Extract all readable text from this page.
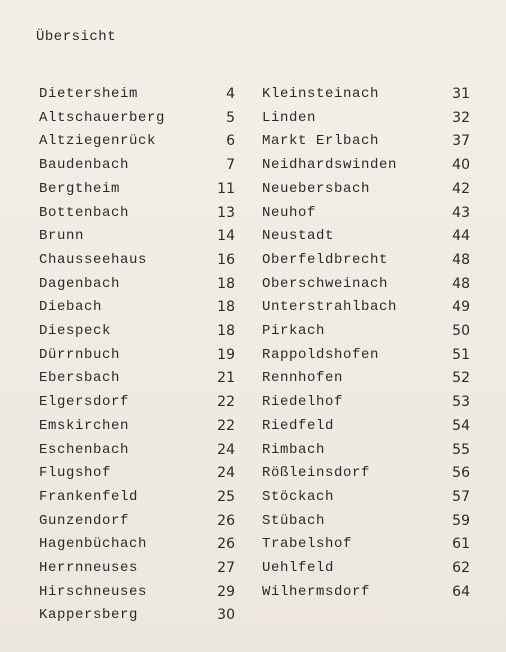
Übersicht
Dietersheim	4
Altschauerberg	5
Altziegenrück	6
Baudenbach	7
Bergtheim	11
Bottenbach	13
Brunn	14
Chausseehaus	16
Dagenbach	18
Diebach	18
Diespeck	18
Dürrnbuch	19
Ebersbach	21
Elgersdorf	22
Emskirchen	22
Eschenbach	24
Flugshof	24
Frankenfeld	25
Gunzendorf	26
Hagenbüchach	26
Herrnneuses	27
Hirschneuses	29
Kappersberg	30
Kleinsteinach	31
Linden	32
Markt Erlbach	37
Neidhardswinden	40
Neuebersbach	42
Neuhof	43
Neustadt	44
Oberfeldbrecht	48
Oberschweinach	48
Unterstrahlbach	49
Pirkach	50
Rappoldshofen	51
Rennhofen	52
Riedelhof	53
Riedfeld	54
Rimbach	55
Rößleinsdorf	56
Stöckach	57
Stübach	59
Trabelshof	61
Uehlfeld	62
Wilhermsdorf	64
